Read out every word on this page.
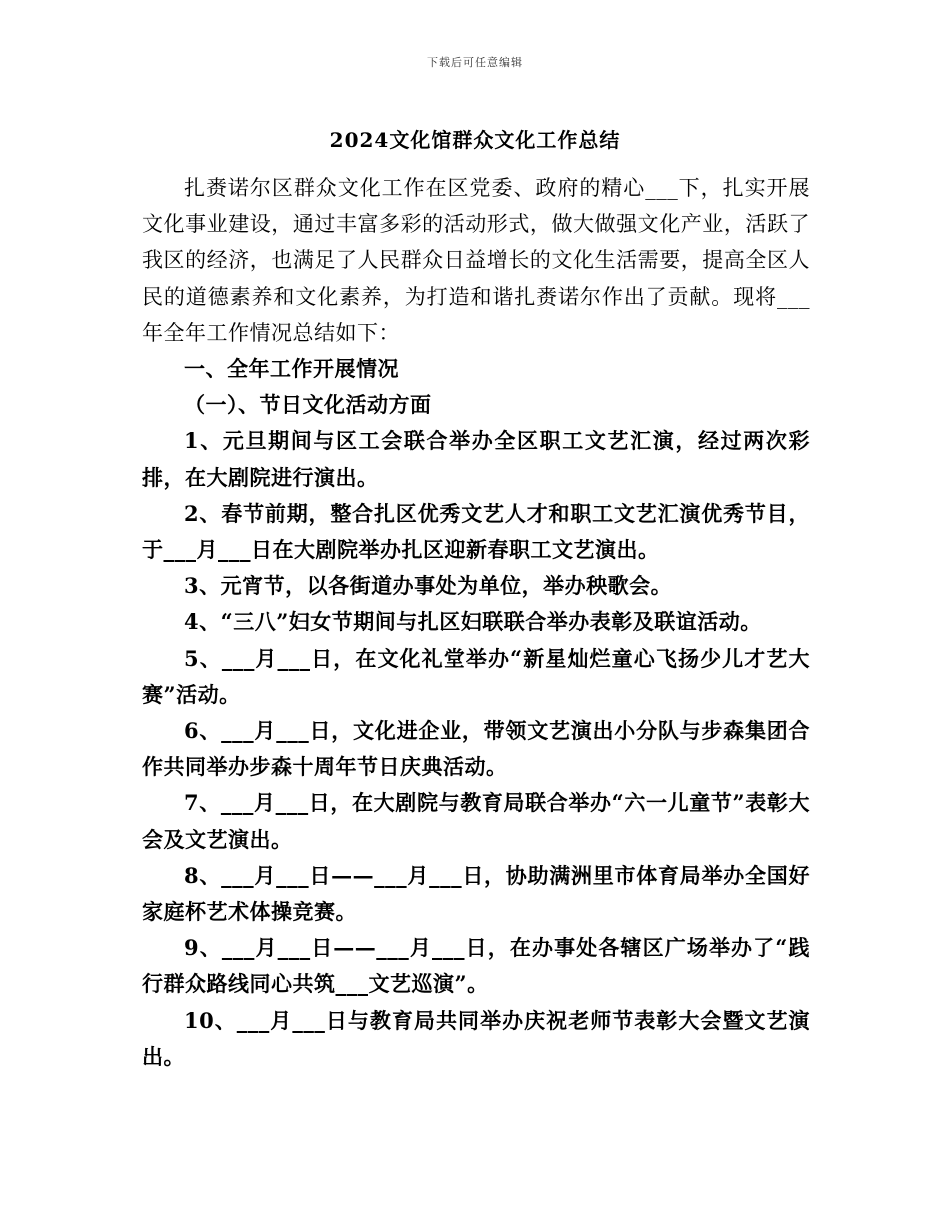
下载后可任意编辑
2024文化馆群众文化工作总结

扎赉诺尔区群众文化工作在区党委、政府的精心___下，扎实开展文化事业建设，通过丰富多彩的活动形式，做大做强文化产业，活跃了我区的经济，也满足了人民群众日益增长的文化生活需要，提高全区人民的道德素养和文化素养，为打造和谐扎赉诺尔作出了贡献。现将___年全年工作情况总结如下：

一、全年工作开展情况

（一）、节日文化活动方面

1、元旦期间与区工会联合举办全区职工文艺汇演，经过两次彩排，在大剧院进行演出。

2、春节前期，整合扎区优秀文艺人才和职工文艺汇演优秀节目，于___月___日在大剧院举办扎区迎新春职工文艺演出。

3、元宵节，以各街道办事处为单位，举办秧歌会。

4、“三八”妇女节期间与扎区妇联联合举办表彰及联谊活动。

5、___月___日，在文化礼堂举办“新星灿烂童心飞扬少儿才艺大赛”活动。

6、___月___日，文化进企业，带领文艺演出小分队与步森集团合作共同举办步森十周年节日庆典活动。

7、___月___日，在大剧院与教育局联合举办“六一儿童节”表彰大会及文艺演出。

8、___月___日——___月___日，协助满洲里市体育局举办全国好家庭杯艺术体操竞赛。

9、___月___日——___月___日，在办事处各辖区广场举办了“践行群众路线同心共筑___文艺巡演”。

10、___月___日与教育局共同举办庆祝老师节表彰大会暨文艺演出。
